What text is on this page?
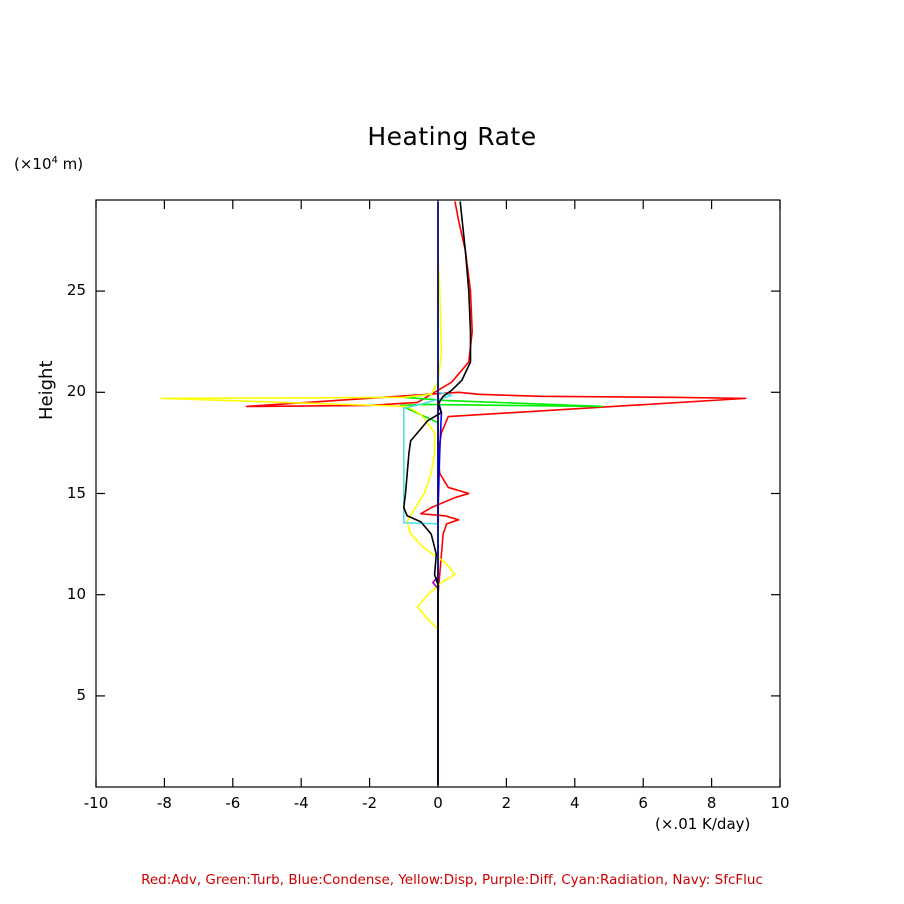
Heating Rate
($\times 10^4$ m)
Height
(×.01 K/day)
-10	-8	-6	-4	-2	0	2	4	6	8	10
5
10
15
20
25
Red:Adv, Green:Turb, Blue:Condense, Yellow:Disp, Purple:Diff, Cyan:Radiation, Navy: SfcFluc
